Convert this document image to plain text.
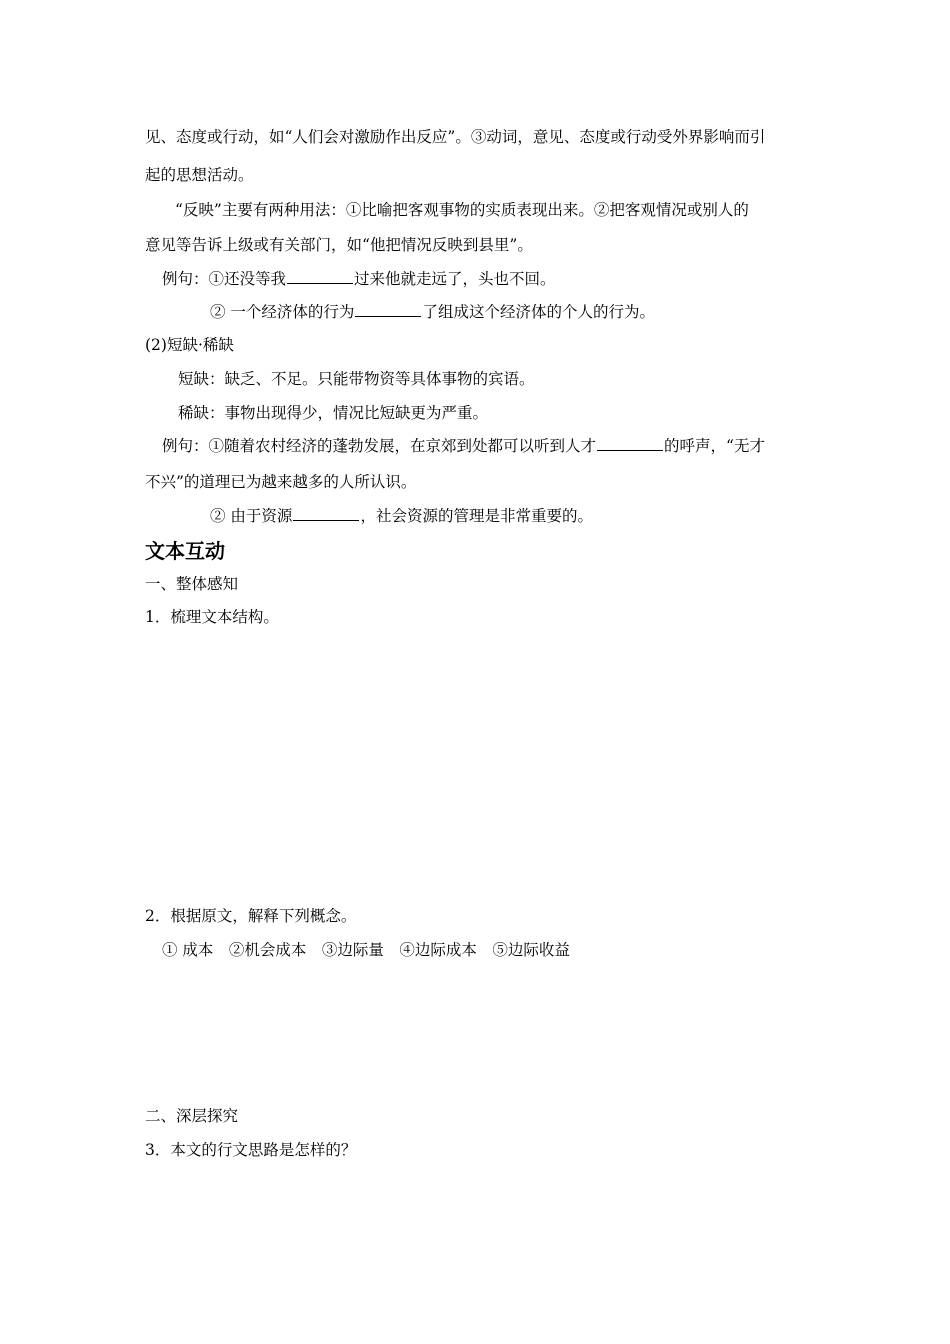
见、态度或行动，如“人们会对激励作出反应”。③动词，意见、态度或行动受外界影响而引
起的思想活动。
“反映”主要有两种用法：①比喻把客观事物的实质表现出来。②把客观情况或别人的
意见等告诉上级或有关部门，如“他把情况反映到县里”。
例句：①还没等我	过来他就走远了，头也不回。
② 一个经济体的行为	了组成这个经济体的个人的行为。
(2)短缺·稀缺
短缺：缺乏、不足。只能带物资等具体事物的宾语。
稀缺：事物出现得少，情况比短缺更为严重。
例句：①随着农村经济的蓬勃发展，在京郊到处都可以听到人才	的呼声，“无才
不兴”的道理已为越来越多的人所认识。
② 由于资源	，社会资源的管理是非常重要的。
文本互动
一、整体感知
1．梳理文本结构。
2．根据原文，解释下列概念。
① 成本　②机会成本　③边际量　④边际成本　⑤边际收益
二、深层探究
3．本文的行文思路是怎样的？
